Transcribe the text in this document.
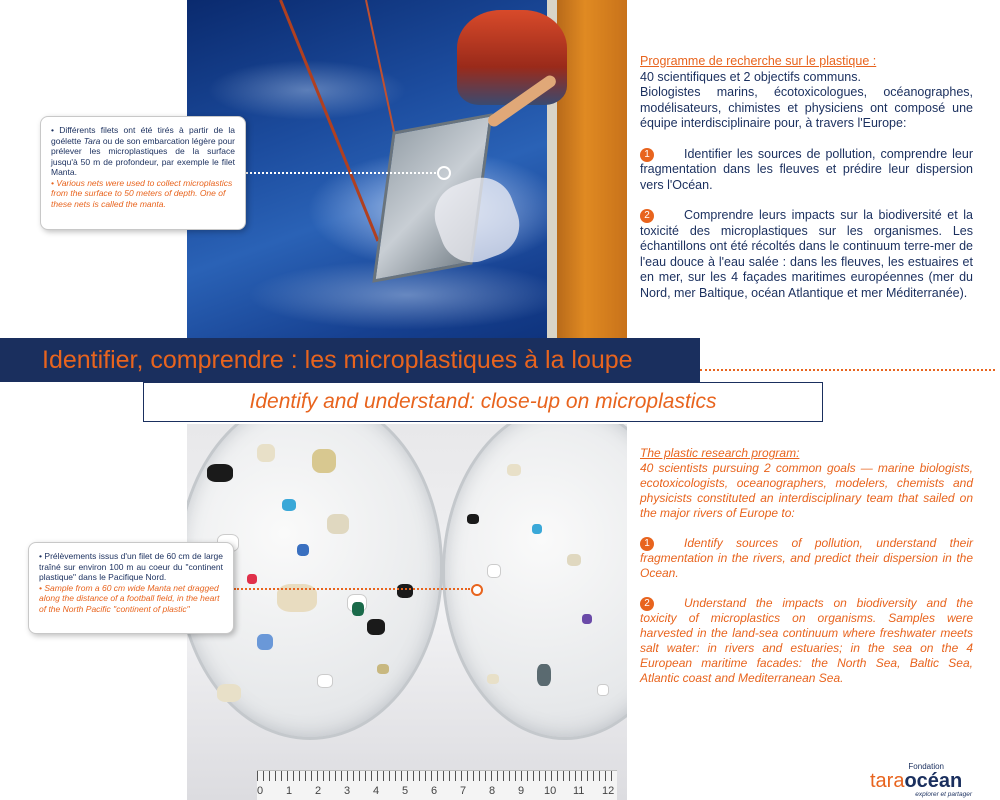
• Différents filets ont été tirés à partir de la goélette Tara ou de son embarcation légère pour prélever les microplastiques de la surface jusqu'à 50 m de profondeur, par exemple le filet Manta.
• Various nets were used to collect microplastics from the surface to 50 meters of depth. One of these nets is called the manta.
Identifier, comprendre : les microplastiques à la loupe
Identify and understand: close-up on microplastics
0 1 2 3 4 5 6 7 8 9 10 11 12
• Prélèvements issus d'un filet de 60 cm de large traîné sur environ 100 m au coeur du "continent plastique" dans le Pacifique Nord.
• Sample from a 60 cm wide Manta net dragged along the distance of a football field, in the heart of the North Pacific "continent of plastic"
Programme de recherche sur le plastique :
40 scientifiques et 2 objectifs communs.
Biologistes marins, écotoxicologues, océanographes, modélisateurs, chimistes et physiciens ont composé une équipe interdisciplinaire pour, à travers l'Europe:
1	Identifier les sources de pollution, comprendre leur fragmentation dans les fleuves et prédire leur dispersion vers l'Océan.
2	Comprendre leurs impacts sur la biodiversité et la toxicité des microplastiques sur les organismes. Les échantillons ont été récoltés dans le continuum terre-mer de l'eau douce à l'eau salée : dans les fleuves, les estuaires et en mer, sur les 4 façades maritimes européennes (mer du Nord, mer Baltique, océan Atlantique et mer Méditerranée).
The plastic research program:
40 scientists pursuing 2 common goals — marine biologists, ecotoxicologists, oceanographers, modelers, chemists and physicists constituted an interdisciplinary team that sailed on the major rivers of Europe to:
1	Identify sources of pollution, understand their fragmentation in the rivers, and predict their dispersion in the Ocean.
2	Understand the impacts on biodiversity and the toxicity of microplastics on organisms. Samples were harvested in the land-sea continuum where freshwater meets salt water: in rivers and estuaries; in the sea on the 4 European maritime facades: the North Sea, Baltic Sea, Atlantic coast and Mediterranean Sea.
Fondation
taraocéan
explorer et partager
